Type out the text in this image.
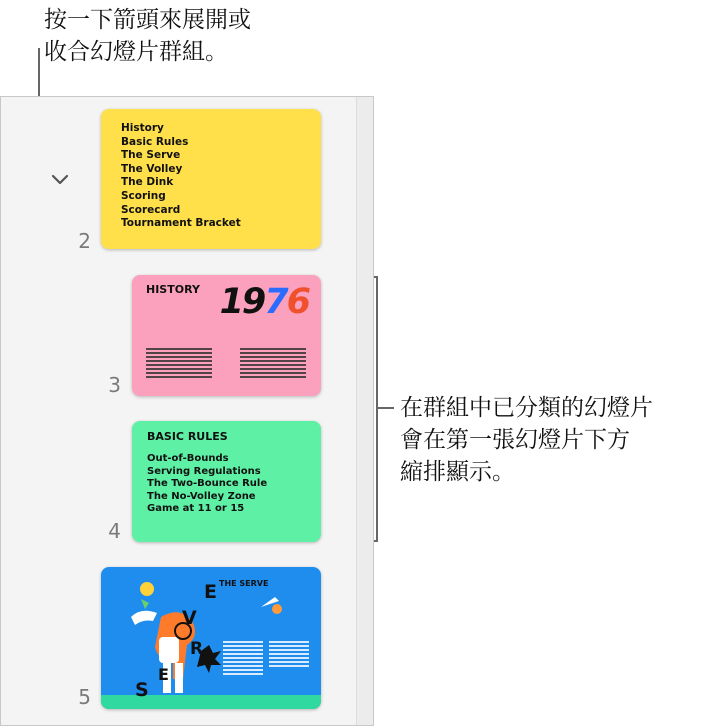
按一下箭頭來展開或
收合幻燈片群組。
在群組中已分類的幻燈片
會在第一張幻燈片下方
縮排顯示。
2
History
Basic Rules
The Serve
The Volley
The Dink
Scoring
Scorecard
Tournament Bracket
3
HISTORY 1976
4
BASIC RULES
Out-of-Bounds
Serving Regulations
The Two-Bounce Rule
The No-Volley Zone
Game at 11 or 15
5
THE SERVE
E
V
E
R
S
